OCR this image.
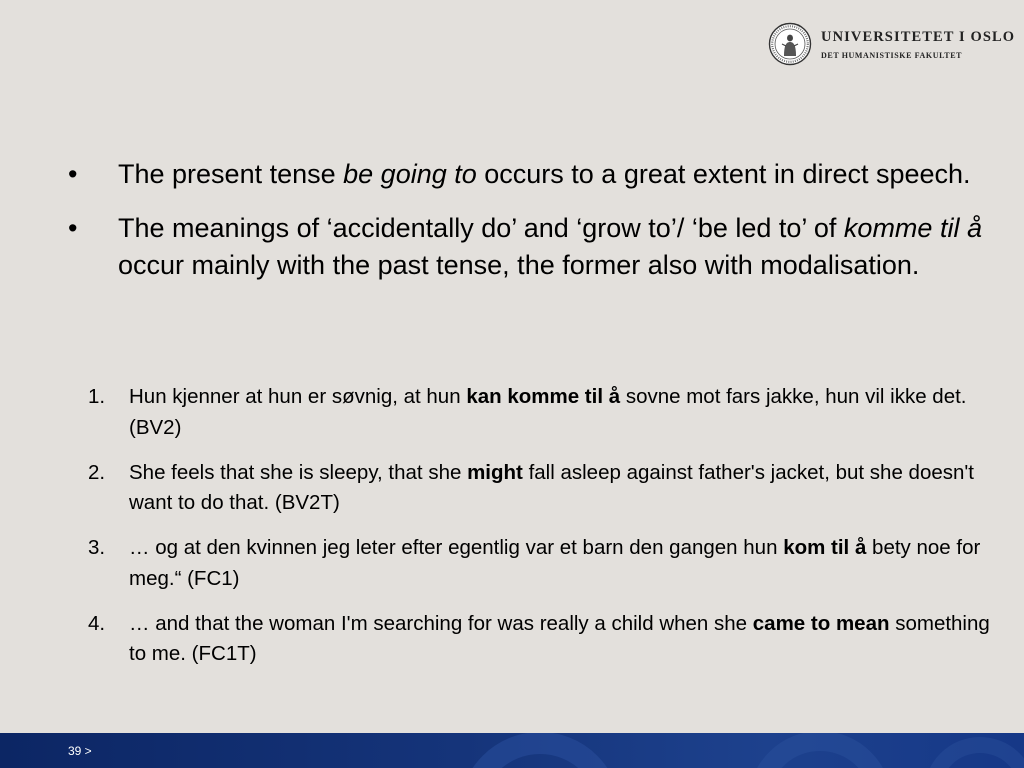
UNIVERSITETET I OSLO
DET HUMANISTISKE FAKULTET
• The present tense be going to occurs to a great extent in direct speech.
• The meanings of ‘accidentally do’ and ‘grow to’/ ‘be led to’ of komme til å occur mainly with the past tense, the former also with modalisation.
1. Hun kjenner at hun er søvnig, at hun kan komme til å sovne mot fars jakke, hun vil ikke det. (BV2)
2. She feels that she is sleepy, that she might fall asleep against father's jacket, but she doesn't want to do that. (BV2T)
3. … og at den kvinnen jeg leter efter egentlig var et barn den gangen hun kom til å bety noe for meg.“ (FC1)
4. … and that the woman I'm searching for was really a child when she came to mean something to me. (FC1T)
39 >
